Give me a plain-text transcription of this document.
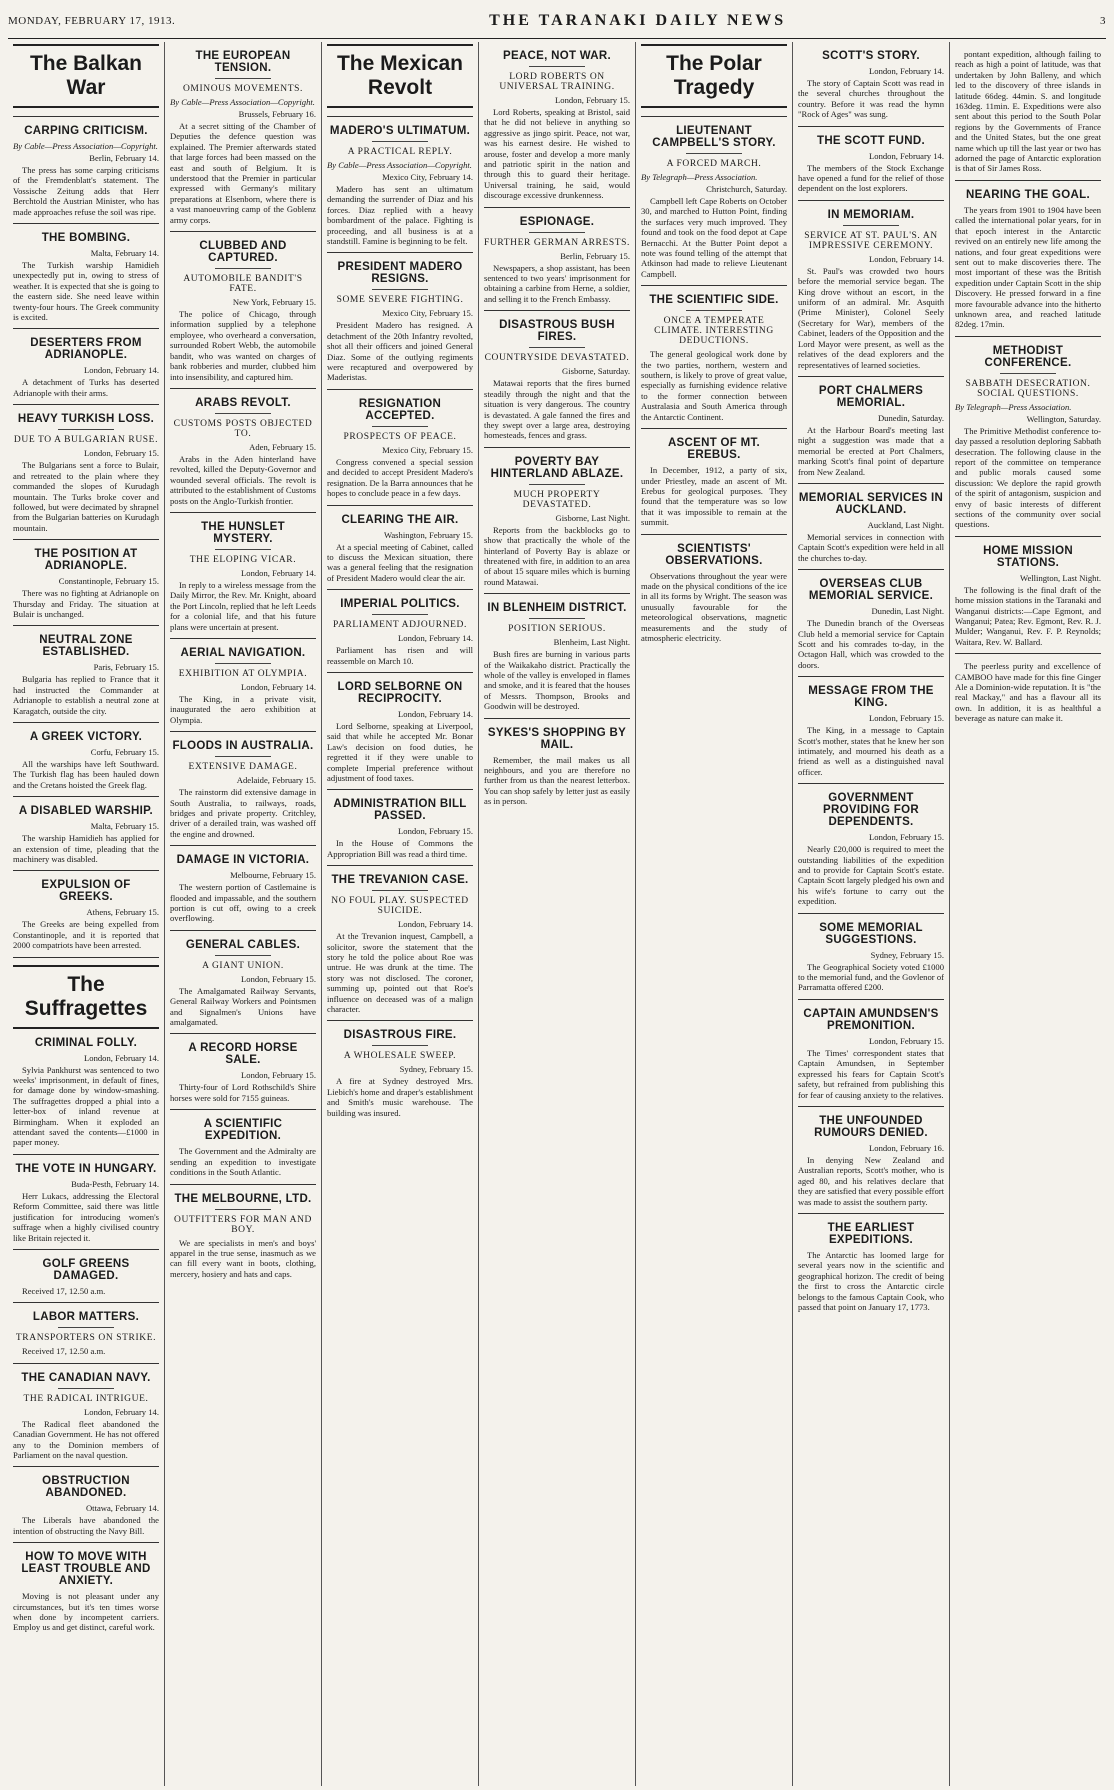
MONDAY, FEBRUARY 17, 1913.	THE TARANAKI DAILY NEWS	3
The Balkan War
CARPING CRITICISM.
By Cable—Press Association—Copyright.
Berlin, February 14.

The press has some carping criticisms of the Fremdenblatt's statement. The Vossische Zeitung adds that Herr Berchtold the Austrian Minister, who has made approaches refuse the soil was ripe.

THE BOMBING.
Malta, February 14.

The Turkish warship Hamidieh unexpectedly put in, owing to stress of weather. It is expected that she is going to the eastern side. She need leave within twenty-four hours. The Greek community is excited.

DESERTERS FROM ADRIANOPLE.
London, February 14.

A detachment of Turks has deserted Adrianople with their arms.

HEAVY TURKISH LOSS.
DUE TO A BULGARIAN RUSE.
London, February 15.

The Bulgarians sent a force to Bulair, and retreated to the plain where they commanded the slopes of Kurudagh mountain. The Turks broke cover and followed, but were decimated by shrapnel from the Bulgarian batteries on Kurudagh mountain.

THE POSITION AT ADRIANOPLE.
Constantinople, February 15.

There was no fighting at Adrianople on Thursday and Friday. The situation at Bulair is unchanged.

NEUTRAL ZONE ESTABLISHED.
Paris, February 15.

Bulgaria has replied to France that it had instructed the Commander at Adrianople to establish a neutral zone at Karagatch, outside the city.

A GREEK VICTORY.
Corfu, February 15.

All the warships have left Southward. The Turkish flag has been hauled down and the Cretans hoisted the Greek flag.

A DISABLED WARSHIP.
Malta, February 15.

The warship Hamidieh has applied for an extension of time, pleading that the machinery was disabled.

EXPULSION OF GREEKS.
Athens, February 15.

The Greeks are being expelled from Constantinople, and it is reported that 2000 compatriots have been arrested.

The Suffragettes
CRIMINAL FOLLY.
London, February 14.

Sylvia Pankhurst was sentenced to two weeks' imprisonment, in default of fines, for damage done by window-smashing. The suffragettes dropped a phial into a letter-box of inland revenue at Birmingham. When it exploded an attendant saved the contents—£1000 in paper money.

THE VOTE IN HUNGARY.
Buda-Pesth, February 14.

Herr Lukacs, addressing the Electoral Reform Committee, said there was little justification for introducing women's suffrage when a highly civilised country like Britain rejected it.

GOLF GREENS DAMAGED.

Received 17, 12.50 a.m.

LABOR MATTERS.
TRANSPORTERS ON STRIKE.

Received 17, 12.50 a.m.

THE CANADIAN NAVY.
THE RADICAL INTRIGUE.
London, February 14.

The Radical fleet abandoned the Canadian Government. He has not offered any to the Dominion members of Parliament on the naval question.

OBSTRUCTION ABANDONED.
Ottawa, February 14.

The Liberals have abandoned the intention of obstructing the Navy Bill.

HOW TO MOVE WITH LEAST TROUBLE AND ANXIETY.

Moving is not pleasant under any circumstances, but it's ten times worse when done by incompetent carriers. Employ us and get distinct, careful work.

THE EUROPEAN TENSION.
OMINOUS MOVEMENTS.
By Cable—Press Association—Copyright.
Brussels, February 16.

At a secret sitting of the Chamber of Deputies the defence question was explained. The Premier afterwards stated that large forces had been massed on the east and south of Belgium. It is understood that the Premier in particular expressed with Germany's military preparations at Elsenborn, where there is a vast manoeuvring camp of the Goblenz army corps.

CLUBBED AND CAPTURED.
AUTOMOBILE BANDIT'S FATE.
New York, February 15.

The police of Chicago, through information supplied by a telephone employee, who overheard a conversation, surrounded Robert Webb, the automobile bandit, who was wanted on charges of bank robberies and murder, clubbed him into insensibility, and captured him.

ARABS REVOLT.
CUSTOMS POSTS OBJECTED TO.
Aden, February 15.

Arabs in the Aden hinterland have revolted, killed the Deputy-Governor and wounded several officials. The revolt is attributed to the establishment of Customs posts on the Anglo-Turkish frontier.

THE HUNSLET MYSTERY.
THE ELOPING VICAR.
London, February 14.

In reply to a wireless message from the Daily Mirror, the Rev. Mr. Knight, aboard the Port Lincoln, replied that he left Leeds for a colonial life, and that his future plans were uncertain at present.

AERIAL NAVIGATION.
EXHIBITION AT OLYMPIA.
London, February 14.

The King, in a private visit, inaugurated the aero exhibition at Olympia.

FLOODS IN AUSTRALIA.
EXTENSIVE DAMAGE.
Adelaide, February 15.

The rainstorm did extensive damage in South Australia, to railways, roads, bridges and private property. Critchley, driver of a derailed train, was washed off the engine and drowned.

DAMAGE IN VICTORIA.
Melbourne, February 15.

The western portion of Castlemaine is flooded and impassable, and the southern portion is cut off, owing to a creek overflowing.

GENERAL CABLES.
A GIANT UNION.
London, February 15.

The Amalgamated Railway Servants, General Railway Workers and Pointsmen and Signalmen's Unions have amalgamated.

A RECORD HORSE SALE.
London, February 15.

Thirty-four of Lord Rothschild's Shire horses were sold for 7155 guineas.

A SCIENTIFIC EXPEDITION.

The Government and the Admiralty are sending an expedition to investigate conditions in the South Atlantic.

THE MELBOURNE, LTD.
OUTFITTERS FOR MAN AND BOY.

We are specialists in men's and boys' apparel in the true sense, inasmuch as we can fill every want in boots, clothing, mercery, hosiery and hats and caps.

The Mexican Revolt
MADERO'S ULTIMATUM.
A PRACTICAL REPLY.
By Cable—Press Association—Copyright.
Mexico City, February 14.

Madero has sent an ultimatum demanding the surrender of Diaz and his forces. Diaz replied with a heavy bombardment of the palace. Fighting is proceeding, and all business is at a standstill. Famine is beginning to be felt.

PRESIDENT MADERO RESIGNS.
SOME SEVERE FIGHTING.
Mexico City, February 15.

President Madero has resigned. A detachment of the 20th Infantry revolted, shot all their officers and joined General Diaz. Some of the outlying regiments were recaptured and overpowered by Maderistas.

RESIGNATION ACCEPTED.
PROSPECTS OF PEACE.
Mexico City, February 15.

Congress convened a special session and decided to accept President Madero's resignation. De la Barra announces that he hopes to conclude peace in a few days.

CLEARING THE AIR.
Washington, February 15.

At a special meeting of Cabinet, called to discuss the Mexican situation, there was a general feeling that the resignation of President Madero would clear the air.

IMPERIAL POLITICS.
PARLIAMENT ADJOURNED.
London, February 14.

Parliament has risen and will reassemble on March 10.

LORD SELBORNE ON RECIPROCITY.
London, February 14.

Lord Selborne, speaking at Liverpool, said that while he accepted Mr. Bonar Law's decision on food duties, he regretted it if they were unable to complete Imperial preference without adjustment of food taxes.

ADMINISTRATION BILL PASSED.
London, February 15.

In the House of Commons the Appropriation Bill was read a third time.

THE TREVANION CASE.
NO FOUL PLAY. SUSPECTED SUICIDE.
London, February 14.

At the Trevanion inquest, Campbell, a solicitor, swore the statement that the story he told the police about Roe was untrue. He was drunk at the time. The story was not disclosed. The coroner, summing up, pointed out that Roe's influence on deceased was of a malign character.

DISASTROUS FIRE.
A WHOLESALE SWEEP.
Sydney, February 15.

A fire at Sydney destroyed Mrs. Liebich's home and draper's establishment and Smith's music warehouse. The building was insured.

PEACE, NOT WAR.
LORD ROBERTS ON UNIVERSAL TRAINING.
London, February 15.

Lord Roberts, speaking at Bristol, said that he did not believe in anything so aggressive as jingo spirit. Peace, not war, was his earnest desire. He wished to arouse, foster and develop a more manly and patriotic spirit in the nation and through this to guard their heritage. Universal training, he said, would discourage excessive drunkenness.

ESPIONAGE.
FURTHER GERMAN ARRESTS.
Berlin, February 15.

Newspapers, a shop assistant, has been sentenced to two years' imprisonment for obtaining a carbine from Herne, a soldier, and selling it to the French Embassy.

DISASTROUS BUSH FIRES.
COUNTRYSIDE DEVASTATED.
Gisborne, Saturday.

Matawai reports that the fires burned steadily through the night and that the situation is very dangerous. The country is devastated. A gale fanned the fires and they swept over a large area, destroying homesteads, fences and grass.

POVERTY BAY HINTERLAND ABLAZE.
MUCH PROPERTY DEVASTATED.
Gisborne, Last Night.

Reports from the backblocks go to show that practically the whole of the hinterland of Poverty Bay is ablaze or threatened with fire, in addition to an area of about 15 square miles which is burning round Matawai.

IN BLENHEIM DISTRICT.
POSITION SERIOUS.
Blenheim, Last Night.

Bush fires are burning in various parts of the Waikakaho district. Practically the whole of the valley is enveloped in flames and smoke, and it is feared that the houses of Messrs. Thompson, Brooks and Goodwin will be destroyed.

SYKES'S SHOPPING BY MAIL.

Remember, the mail makes us all neighbours, and you are therefore no further from us than the nearest letterbox. You can shop safely by letter just as easily as in person.

The Polar Tragedy
LIEUTENANT CAMPBELL'S STORY.
A FORCED MARCH.
By Telegraph—Press Association.
Christchurch, Saturday.

Campbell left Cape Roberts on October 30, and marched to Hutton Point, finding the surfaces very much improved. They found and took on the food depot at Cape Bernacchi. At the Butter Point depot a note was found telling of the attempt that Atkinson had made to relieve Lieutenant Campbell.

THE SCIENTIFIC SIDE.
ONCE A TEMPERATE CLIMATE. INTERESTING DEDUCTIONS.

The general geological work done by the two parties, northern, western and southern, is likely to prove of great value, especially as furnishing evidence relative to the former connection between Australasia and South America through the Antarctic Continent.

ASCENT OF MT. EREBUS.

In December, 1912, a party of six, under Priestley, made an ascent of Mt. Erebus for geological purposes. They found that the temperature was so low that it was impossible to remain at the summit.

SCIENTISTS' OBSERVATIONS.

Observations throughout the year were made on the physical conditions of the ice in all its forms by Wright. The season was unusually favourable for the meteorological observations, magnetic measurements and the study of atmospheric electricity.

SCOTT'S STORY.
London, February 14.

The story of Captain Scott was read in the several churches throughout the country. Before it was read the hymn "Rock of Ages" was sung.

THE SCOTT FUND.
London, February 14.

The members of the Stock Exchange have opened a fund for the relief of those dependent on the lost explorers.

IN MEMORIAM.
SERVICE AT ST. PAUL'S. AN IMPRESSIVE CEREMONY.
London, February 14.

St. Paul's was crowded two hours before the memorial service began. The King drove without an escort, in the uniform of an admiral. Mr. Asquith (Prime Minister), Colonel Seely (Secretary for War), members of the Cabinet, leaders of the Opposition and the Lord Mayor were present, as well as the relatives of the dead explorers and the representatives of learned societies.

PORT CHALMERS MEMORIAL.
Dunedin, Saturday.

At the Harbour Board's meeting last night a suggestion was made that a memorial be erected at Port Chalmers, marking Scott's final point of departure from New Zealand.

MEMORIAL SERVICES IN AUCKLAND.
Auckland, Last Night.

Memorial services in connection with Captain Scott's expedition were held in all the churches to-day.

OVERSEAS CLUB MEMORIAL SERVICE.
Dunedin, Last Night.

The Dunedin branch of the Overseas Club held a memorial service for Captain Scott and his comrades to-day, in the Octagon Hall, which was crowded to the doors.

MESSAGE FROM THE KING.
London, February 15.

The King, in a message to Captain Scott's mother, states that he knew her son intimately, and mourned his death as a friend as well as a distinguished naval officer.

GOVERNMENT PROVIDING FOR DEPENDENTS.
London, February 15.

Nearly £20,000 is required to meet the outstanding liabilities of the expedition and to provide for Captain Scott's estate. Captain Scott largely pledged his own and his wife's fortune to carry out the expedition.

SOME MEMORIAL SUGGESTIONS.
Sydney, February 15.

The Geographical Society voted £1000 to the memorial fund, and the Govlenor of Parramatta offered £200.

CAPTAIN AMUNDSEN'S PREMONITION.
London, February 15.

The Times' correspondent states that Captain Amundsen, in September expressed his fears for Captain Scott's safety, but refrained from publishing this for fear of causing anxiety to the relatives.

THE UNFOUNDED RUMOURS DENIED.
London, February 16.

In denying New Zealand and Australian reports, Scott's mother, who is aged 80, and his relatives declare that they are satisfied that every possible effort was made to assist the southern party.

THE EARLIEST EXPEDITIONS.

The Antarctic has loomed large for several years now in the scientific and geographical horizon. The credit of being the first to cross the Antarctic circle belongs to the famous Captain Cook, who passed that point on January 17, 1773.

pontant expedition, although failing to reach as high a point of latitude, was that undertaken by John Balleny, and which led to the discovery of three islands in latitude 66deg. 44min. S. and longitude 163deg. 11min. E. Expeditions were also sent about this period to the South Polar regions by the Governments of France and the United States, but the one great name which up till the last year or two has adorned the page of Antarctic exploration is that of Sir James Ross.

NEARING THE GOAL.

The years from 1901 to 1904 have been called the international polar years, for in that epoch interest in the Antarctic revived on an entirely new life among the nations, and four great expeditions were sent out to make discoveries there. The most important of these was the British expedition under Captain Scott in the ship Discovery. He pressed forward in a fine more favourable advance into the hitherto unknown area, and reached latitude 82deg. 17min.

METHODIST CONFERENCE.
SABBATH DESECRATION. SOCIAL QUESTIONS.
By Telegraph—Press Association.
Wellington, Saturday.

The Primitive Methodist conference to-day passed a resolution deploring Sabbath desecration. The following clause in the report of the committee on temperance and public morals caused some discussion: We deplore the rapid growth of the spirit of antagonism, suspicion and envy of basic interests of different sections of the community over social questions.

HOME MISSION STATIONS.
Wellington, Last Night.

The following is the final draft of the home mission stations in the Taranaki and Wanganui districts:—Cape Egmont, and Wanganui; Patea; Rev. Egmont, Rev. R. J. Mulder; Wanganui, Rev. F. P. Reynolds; Waitara, Rev. W. Ballard.

The peerless purity and excellence of CAMBOO have made for this fine Ginger Ale a Dominion-wide reputation. It is "the real Mackay," and has a flavour all its own. In addition, it is as healthful a beverage as nature can make it.
